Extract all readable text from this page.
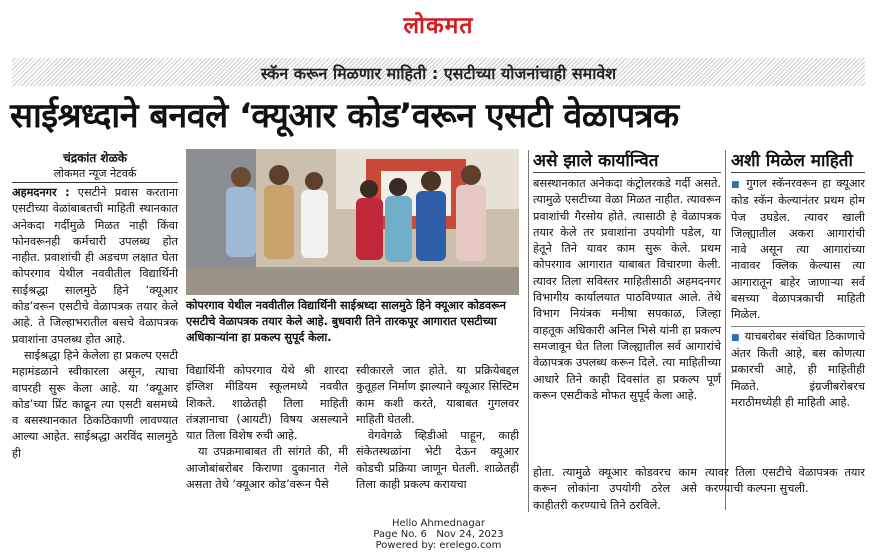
लोकमत
स्कॅन करून मिळणार माहिती : एसटीच्या योजनांचाही समावेश
साईश्रध्दाने बनवले ‘क्यूआर कोड’वरून एसटी वेळापत्रक
चंद्रकांत शेळके
लोकमत न्यूज नेटवर्क

अहमदनगर : एसटीने प्रवास करताना एसटीच्या वेळांबाबतची माहिती स्थानकात अनेकदा गर्दीमुळे मिळत नाही किंवा फोनवरूनही कर्मचारी उपलब्ध होत नाहीत. प्रवाशांची ही अडचण लक्षात घेता कोपरगाव येथील नववीतील विद्यार्थिनी साईश्रद्धा सालमुठे हिने ‘क्यूआर कोड’वरून एसटीचे वेळापत्रक तयार केले आहे. ते जिल्हाभरातील बसचे वेळापत्रक प्रवाशांना उपलब्ध होत आहे.

साईश्रद्धा हिने केलेला हा प्रकल्प एसटी महामंडळाने स्वीकारला असून, त्याचा वापरही सुरू केला आहे. या ‘क्यूआर कोड’च्या प्रिंट काढून त्या एसटी बसमध्ये व बसस्थानकात ठिकठिकाणी लावण्यात आल्या आहेत. साईश्रद्धा अरविंद सालमुठे ही

कोपरगाव येथील नववीतील विद्यार्थिनी साईश्रध्दा सालमुठे हिने क्यूआर कोडवरून एसटीचे वेळापत्रक तयार केले आहे. बुधवारी तिने तारकपूर आगारात एसटीच्या अधिकाऱ्यांना हा प्रकल्प सुपूर्द केला.

विद्यार्थिनी कोपरगाव येथे श्री शारदा इंग्लिश मीडियम स्कूलमध्ये नववीत शिकते. शाळेतही तिला माहिती तंत्रज्ञानाचा (आयटी) विषय असल्याने यात तिला विशेष रुची आहे.

या उपक्रमाबाबत ती सांगते की, मी आजोबांबरोबर किराणा दुकानात गेले असता तेथे ‘क्यूआर कोड’वरून पैसे

स्वीकारले जात होते. या प्रक्रियेबद्दल कुतूहल निर्माण झाल्याने क्यूआर सिस्टिम काम कशी करते, याबाबत गुगलवर माहिती घेतली.

वेगवेगळे व्हिडीओ पाहून, काही संकेतस्थळांना भेटी देऊन क्यूआर कोडची प्रक्रिया जाणून घेतली. शाळेतही तिला काही प्रकल्प करायचा

असे झाले कार्यान्वित
बसस्थानकात अनेकदा कंट्रोलरकडे गर्दी असते. त्यामुळे एसटीच्या वेळा मिळत नाहीत. त्यावरून प्रवाशांची गैरसोय होते. त्यासाठी हे वेळापत्रक तयार केले तर प्रवाशांना उपयोगी पडेल, या हेतूने तिने यावर काम सुरू केले. प्रथम कोपरगाव आगारात याबाबत विचारणा केली. त्यावर तिला सविस्तर माहितीसाठी अहमदनगर विभागीय कार्यालयात पाठविण्यात आले. तेथे विभाग नियंत्रक मनीषा सपकाळ, जिल्हा वाहतूक अधिकारी अनिल भिसे यांनी हा प्रकल्प समजावून घेत तिला जिल्ह्यातील सर्व आगारांचे वेळापत्रक उपलब्ध करून दिले. त्या माहितीच्या आधारे तिने काही दिवसांत हा प्रकल्प पूर्ण करून एसटीकडे मोफत सुपूर्द केला आहे.
अशी मिळेल माहिती
■ गुगल स्कॅनरवरून हा क्यूआर कोड स्कॅन केल्यानंतर प्रथम होम पेज उघडेल. त्यावर खाली जिल्ह्यातील अकरा आगारांची नावे असून त्या आगारांच्या नावावर क्लिक केल्यास त्या आगारातून बाहेर जाणाऱ्या सर्व बसच्या वेळापत्रकाची माहिती मिळेल.
■ याचबरोबर संबंधित ठिकाणाचे अंतर किती आहे, बस कोणत्या प्रकारची आहे, ही माहितीही मिळते. इंग्रजीबरोबरच मराठीमध्येही ही माहिती आहे.
होता. त्यामुळे क्यूआर कोडवरच काम करून लोकांना उपयोगी ठरेल असे काहीतरी करण्याचे तिने ठरविले.
त्यावर तिला एसटीचे वेळापत्रक तयार करण्याची कल्पना सुचली.
Hello Ahmednagar
Page No. 6   Nov 24, 2023
Powered by: erelego.com
